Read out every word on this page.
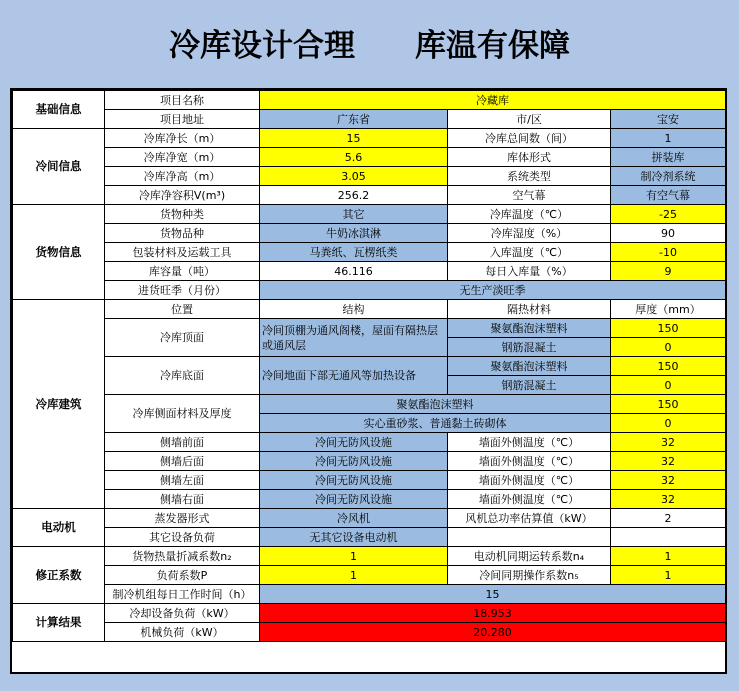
冷库设计合理 库温有保障
基础信息	项目名称	冷藏库		
	项目地址	广东省	市/区	宝安
冷间信息	冷库净长（m）	15	冷库总间数（间）	1
	冷库净宽（m）	5.6	库体形式	拼装库
	冷库净高（m）	3.05	系统类型	制冷剂系统
	冷库净容积V(m³)	256.2	空气幕	有空气幕
货物信息	货物种类	其它	冷库温度（℃）	-25
	货物品种	牛奶冰淇淋	冷库湿度（%）	90
	包装材料及运载工具	马粪纸、瓦楞纸类	入库温度（℃）	-10
	库容量（吨）	46.116	每日入库量（%）	9
	进货旺季（月份）	无生产淡旺季		
冷库建筑	位置	结构	隔热材料	厚度（mm）
	冷库顶面	冷间顶棚为通风阁楼，屋面有隔热层或通风层	聚氨酯泡沫塑料	150
			钢筋混凝土	0
	冷库底面	冷间地面下部无通风等加热设备	聚氨酯泡沫塑料	150
			钢筋混凝土	0
	冷库侧面材料及厚度	聚氨酯泡沫塑料		150
		实心重砂浆、普通黏土砖砌体		0
	侧墙前面	冷间无防风设施	墙面外侧温度（℃）	32
	侧墙后面	冷间无防风设施	墙面外侧温度（℃）	32
	侧墙左面	冷间无防风设施	墙面外侧温度（℃）	32
	侧墙右面	冷间无防风设施	墙面外侧温度（℃）	32
电动机	蒸发器形式	冷风机	风机总功率估算值（kW）	2
	其它设备负荷	无其它设备电动机		
修正系数	货物热量折减系数n₂	1	电动机同期运转系数n₄	1
	负荷系数P	1	冷间同期操作系数n₅	1
	制冷机组每日工作时间（h）	15		
计算结果	冷却设备负荷（kW）	18.953		
	机械负荷（kW）	20.280		
